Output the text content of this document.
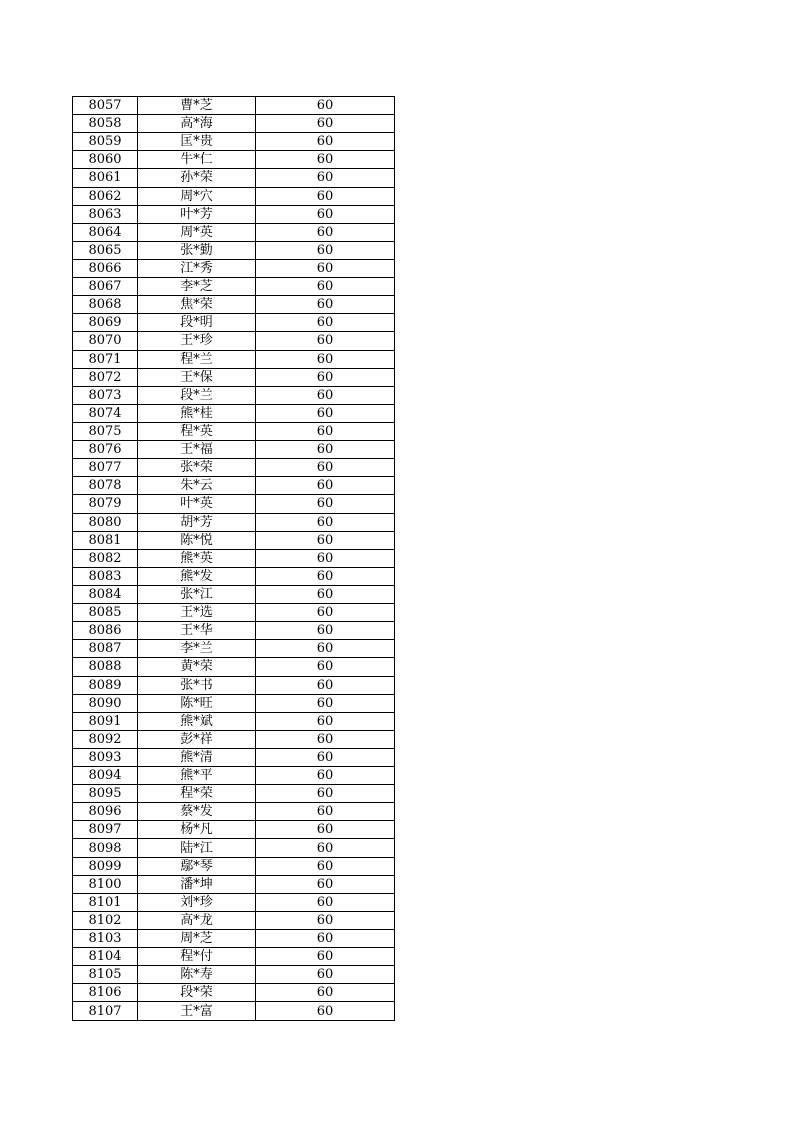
8057	曹*芝	60
8058	高*海	60
8059	匡*贵	60
8060	牛*仁	60
8061	孙*荣	60
8062	周*穴	60
8063	叶*芳	60
8064	周*英	60
8065	张*勤	60
8066	江*秀	60
8067	李*芝	60
8068	焦*荣	60
8069	段*明	60
8070	王*珍	60
8071	程*兰	60
8072	王*保	60
8073	段*兰	60
8074	熊*桂	60
8075	程*英	60
8076	王*福	60
8077	张*荣	60
8078	朱*云	60
8079	叶*英	60
8080	胡*芳	60
8081	陈*悦	60
8082	熊*英	60
8083	熊*发	60
8084	张*江	60
8085	王*选	60
8086	王*华	60
8087	李*兰	60
8088	黄*荣	60
8089	张*书	60
8090	陈*旺	60
8091	熊*斌	60
8092	彭*祥	60
8093	熊*清	60
8094	熊*平	60
8095	程*荣	60
8096	蔡*发	60
8097	杨*凡	60
8098	陆*江	60
8099	鄢*琴	60
8100	潘*坤	60
8101	刘*珍	60
8102	高*龙	60
8103	周*芝	60
8104	程*付	60
8105	陈*寿	60
8106	段*荣	60
8107	王*富	60
